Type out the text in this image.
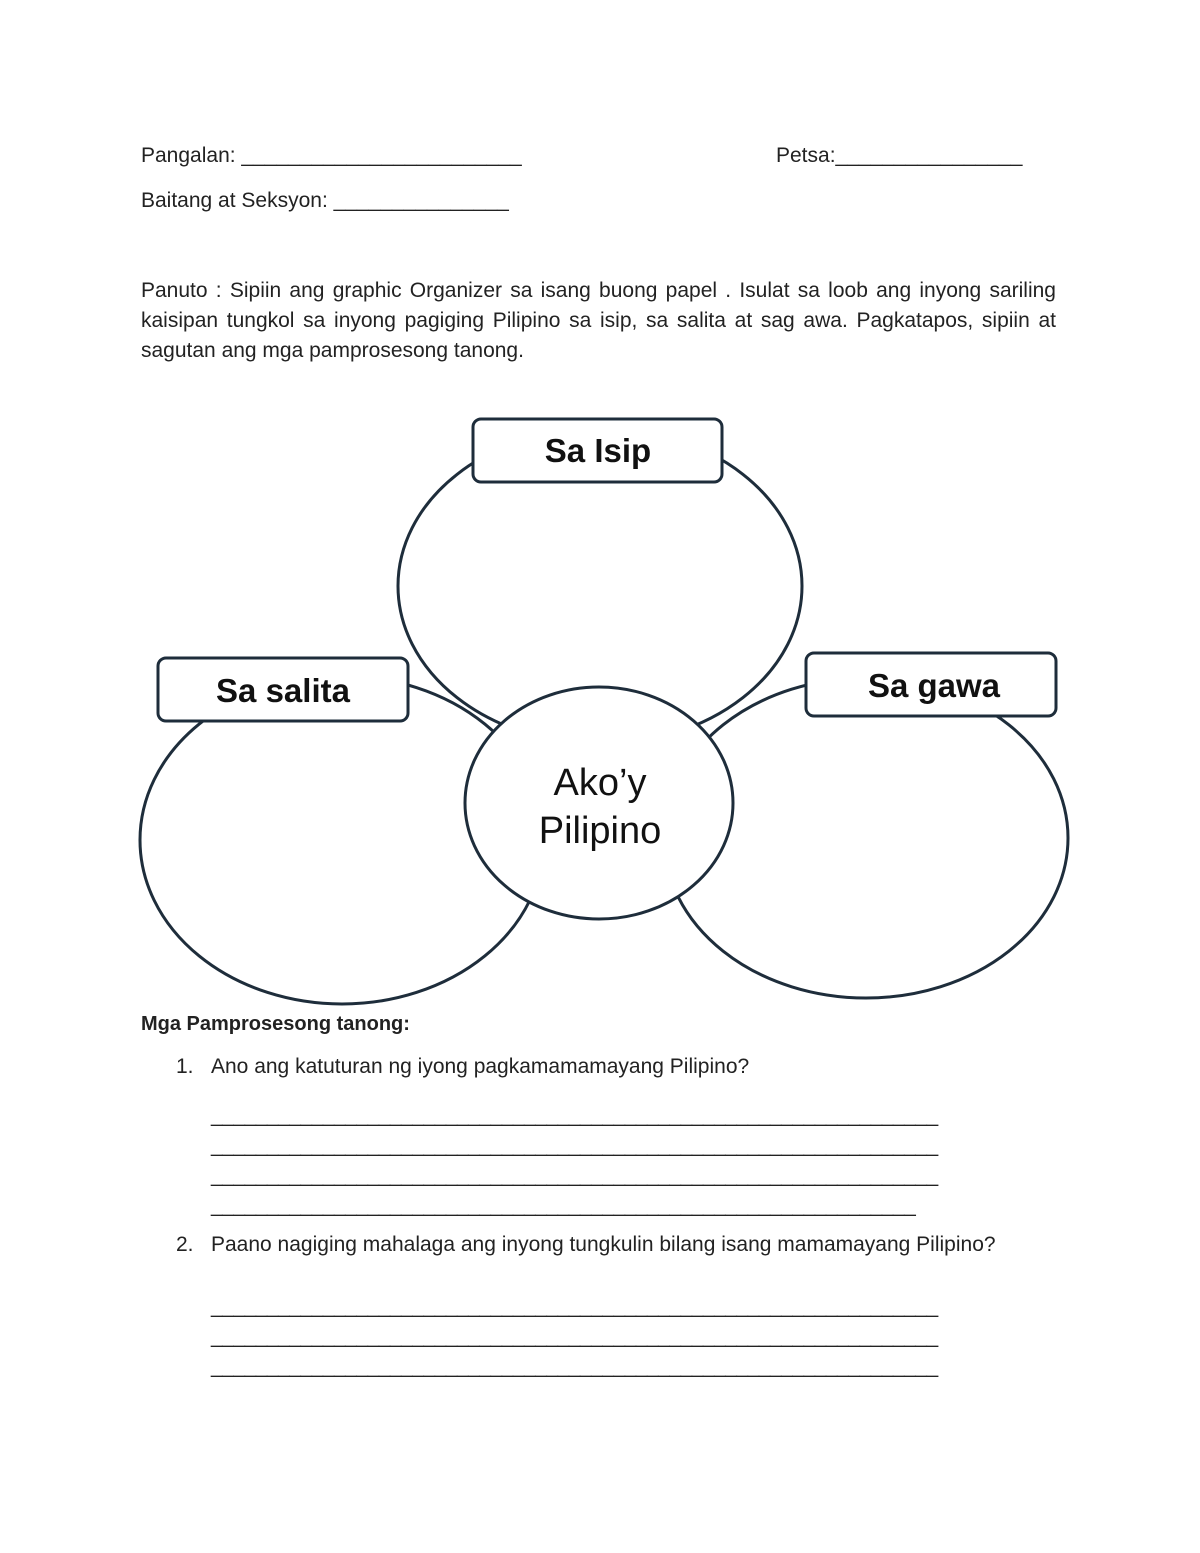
Pangalan: ________________________	Petsa:________________
Baitang at Seksyon: _______________
Panuto : Sipiin ang graphic Organizer sa isang buong papel . Isulat sa loob ang inyong sariling kaisipan tungkol sa inyong pagiging Pilipino sa isip, sa salita at sag awa. Pagkatapos, sipiin at sagutan ang mga pamprosesong tanong.
Sa Isip
Sa salita	Sa gawa
Ako’y
Pilipino
Mga Pamprosesong tanong:
1. Ano ang katuturan ng iyong pagkamamamayang Pilipino?
_________________________________________________________________
_________________________________________________________________
_________________________________________________________________
_______________________________________________________________
2. Paano nagiging mahalaga ang inyong tungkulin bilang isang mamamayang Pilipino?
_________________________________________________________________
_________________________________________________________________
_________________________________________________________________
